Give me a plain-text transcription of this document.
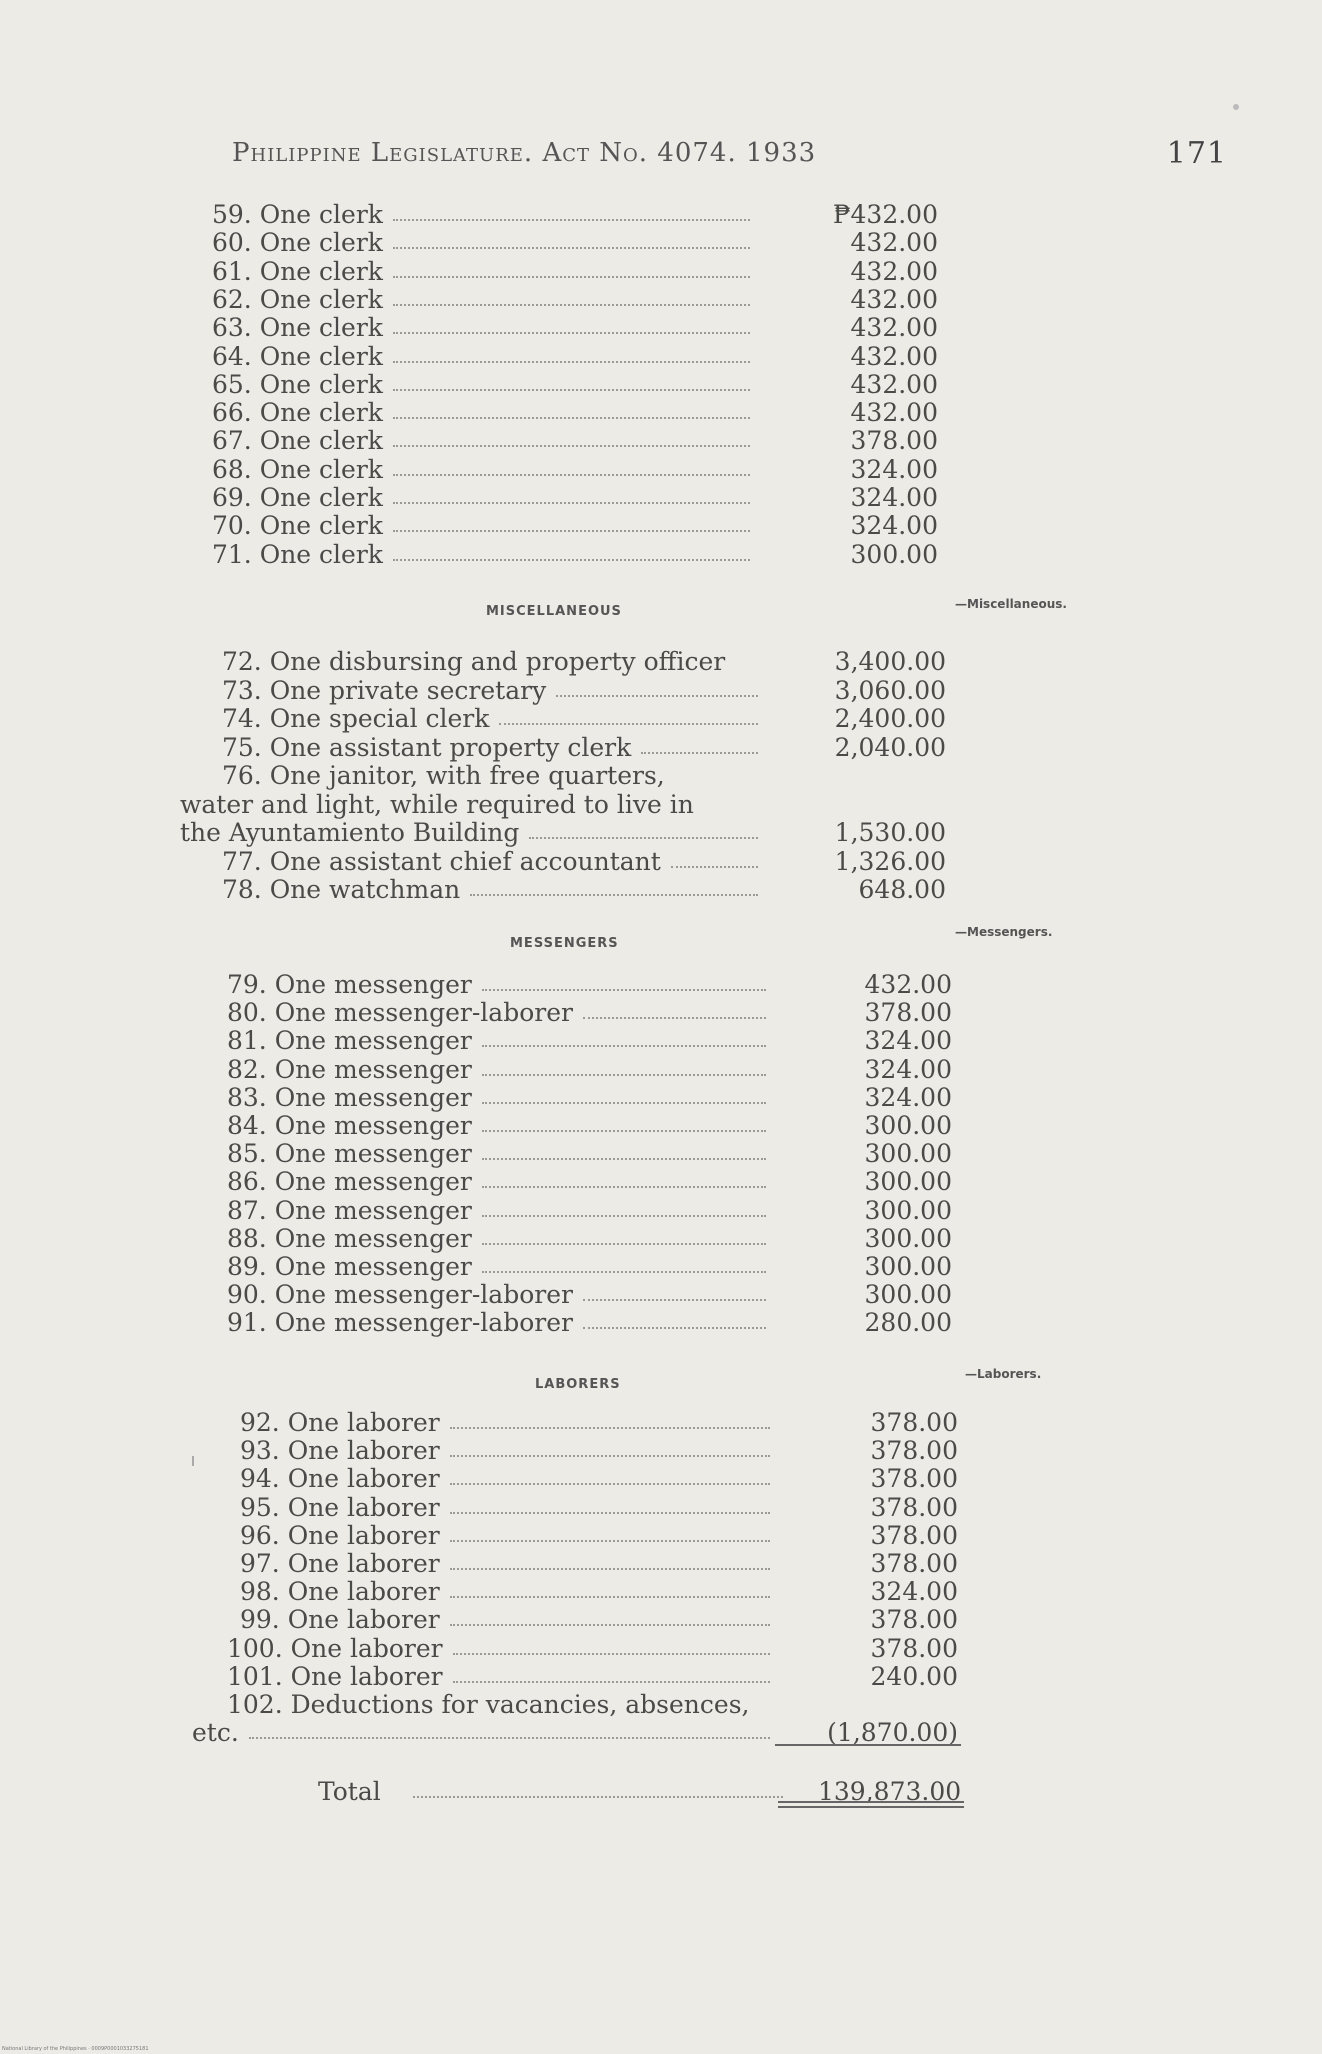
Philippine Legislature. Act No. 4074. 1933	171
59. One clerk	₱432.00
60. One clerk	432.00
61. One clerk	432.00
62. One clerk	432.00
63. One clerk	432.00
64. One clerk	432.00
65. One clerk	432.00
66. One clerk	432.00
67. One clerk	378.00
68. One clerk	324.00
69. One clerk	324.00
70. One clerk	324.00
71. One clerk	300.00
MISCELLANEOUS	—Miscellaneous.
72. One disbursing and property officer	3,400.00
73. One private secretary	3,060.00
74. One special clerk	2,400.00
75. One assistant property clerk	2,040.00
76. One janitor, with free quarters,
water and light, while required to live in
the Ayuntamiento Building	1,530.00
77. One assistant chief accountant	1,326.00
78. One watchman	648.00
MESSENGERS
—Messengers.
79. One messenger	432.00
80. One messenger-laborer	378.00
81. One messenger	324.00
82. One messenger	324.00
83. One messenger	324.00
84. One messenger	300.00
85. One messenger	300.00
86. One messenger	300.00
87. One messenger	300.00
88. One messenger	300.00
89. One messenger	300.00
90. One messenger-laborer	300.00
91. One messenger-laborer	280.00
LABORERS
—Laborers.
92. One laborer	378.00
93. One laborer	378.00
94. One laborer	378.00
95. One laborer	378.00
96. One laborer	378.00
97. One laborer	378.00
98. One laborer	324.00
99. One laborer	378.00
100. One laborer	378.00
101. One laborer	240.00
102. Deductions for vacancies, absences,
etc.	(1,870.00)
Total	139,873.00
National Library of the Philippines · 0009P0001033275181
